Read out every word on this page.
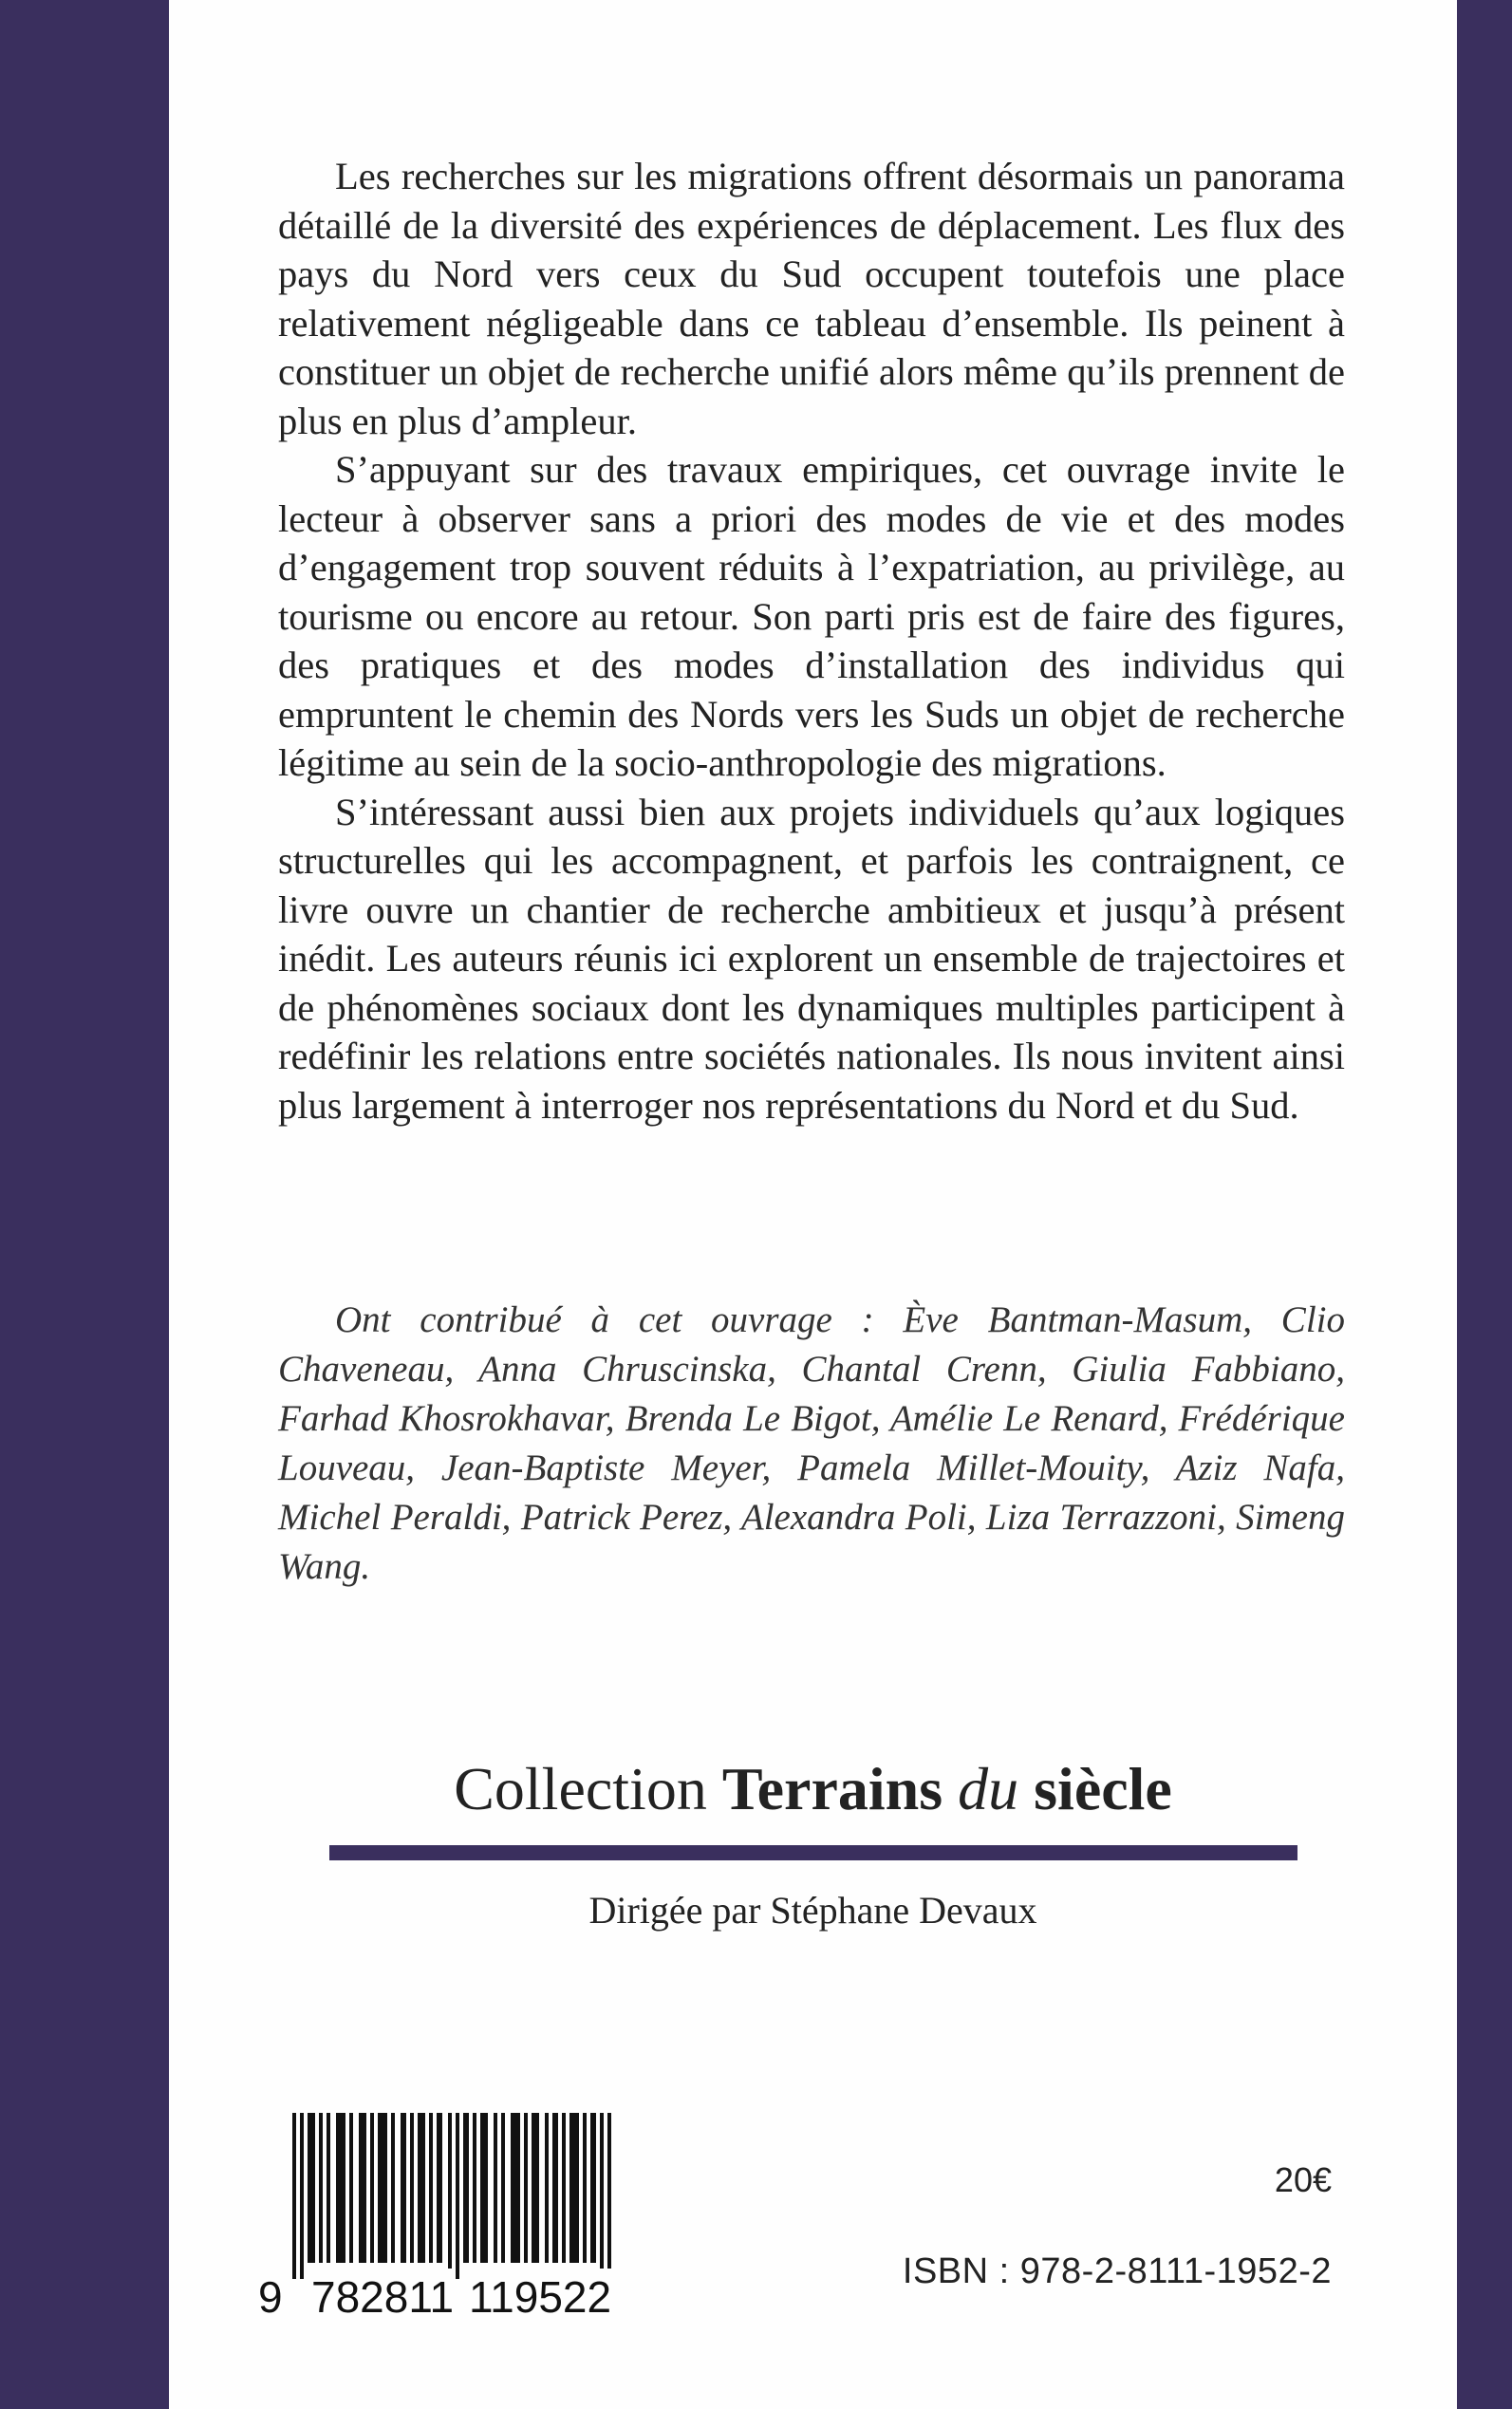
Les recherches sur les migrations offrent désormais un panorama détaillé de la diversité des expériences de déplacement. Les flux des pays du Nord vers ceux du Sud occupent toutefois une place relativement négligeable dans ce tableau d’ensemble. Ils peinent à constituer un objet de recherche unifié alors même qu’ils prennent de plus en plus d’ampleur.

S’appuyant sur des travaux empiriques, cet ouvrage invite le lecteur à observer sans a priori des modes de vie et des modes d’engagement trop souvent réduits à l’expatriation, au privilège, au tourisme ou encore au retour. Son parti pris est de faire des figures, des pratiques et des modes d’installation des individus qui empruntent le chemin des Nords vers les Suds un objet de recherche légitime au sein de la socio-anthropologie des migrations.

S’intéressant aussi bien aux projets individuels qu’aux logiques structurelles qui les accompagnent, et parfois les contraignent, ce livre ouvre un chantier de recherche ambitieux et jusqu’à présent inédit. Les auteurs réunis ici explorent un ensemble de trajectoires et de phénomènes sociaux dont les dynamiques multiples participent à redéfinir les relations entre sociétés nationales. Ils nous invitent ainsi plus largement à interroger nos représentations du Nord et du Sud.

Ont contribué à cet ouvrage : Ève Bantman-Masum, Clio Chaveneau, Anna Chruscinska, Chantal Crenn, Giulia Fabbiano, Farhad Khosrokhavar, Brenda Le Bigot, Amélie Le Renard, Frédérique Louveau, Jean-Baptiste Meyer, Pamela Millet-Mouity, Aziz Nafa, Michel Peraldi, Patrick Perez, Alexandra Poli, Liza Terrazzoni, Simeng Wang.
Collection Terrains du siècle
Dirigée par Stéphane Devaux
9 782811 119522
20€
ISBN : 978-2-8111-1952-2
